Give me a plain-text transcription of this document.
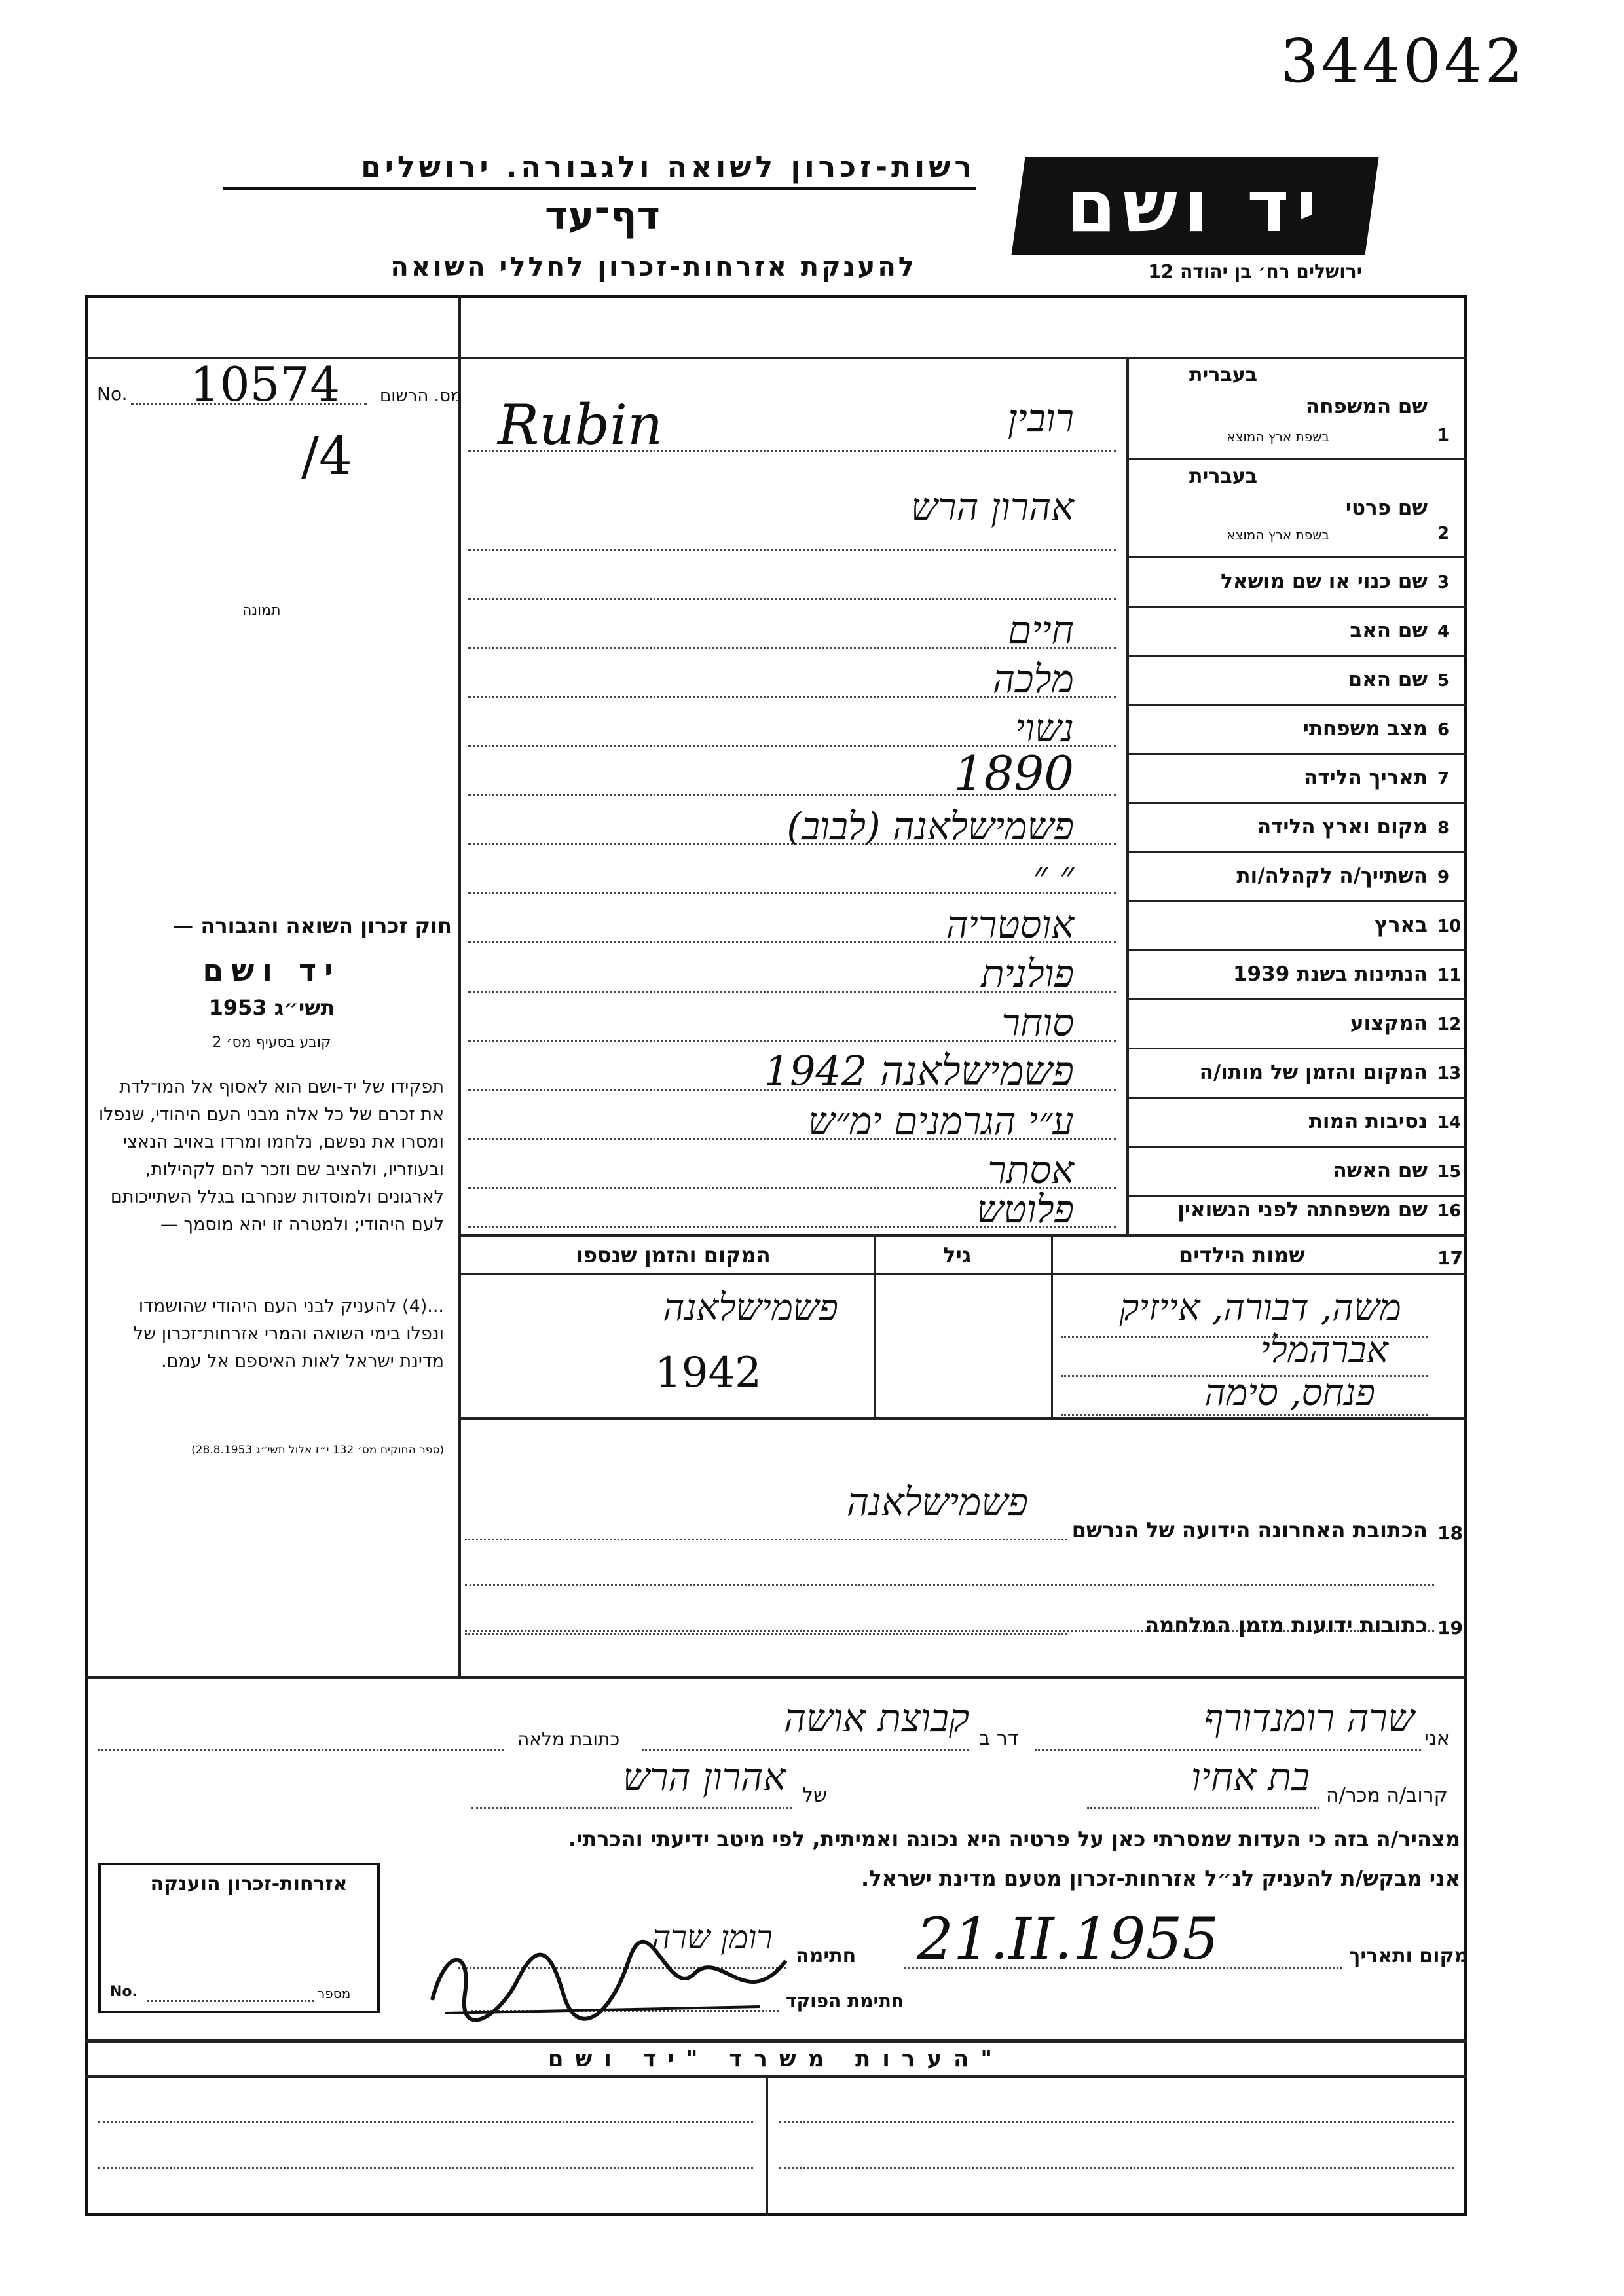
344042
רשות-זכרון לשואה ולגבורה. ירושלים
דף־עד
להענקת אזרחות-זכרון לחללי השואה
יד ושם
ירושלים רח׳ בן יהודה 12
No. 10574 מס. הרשום
/4
תמונה
חוק זכרון השואה והגבורה —
יד ושם
תשי״ג 1953
קובע בסעיף מס׳ 2
תפקידו של יד-ושם הוא לאסוף אל המו־לדת את זכרם של כל אלה מבני העם היהודי, שנפלו ומסרו את נפשם, נלחמו ומרדו באויב הנאצי ובעוזריו, ולהציב שם וזכר להם לקהילות, לארגונים ולמוסדות שנחרבו בגלל השתייכותם לעם היהודי; ולמטרה זו יהא מוסמך —
...(4) להעניק לבני העם היהודי שהושמדו ונפלו בימי השואה והמרי אזרחות־זכרון של מדינת ישראל לאות האיספם אל עמם.
(ספר החוקים מס׳ 132 י״ז אלול תשי״ג 28.8.1953)
1
שם המשפחה
בעברית
בשפת ארץ המוצא
רובין
Rubin
2
שם פרטי
בעברית
בשפת ארץ המוצא
אהרון הרש
3
שם כנוי או שם מושאל
4
שם האב
חיים
5
שם האם
מלכה
6
מצב משפחתי
נשוי
7
תאריך הלידה
1890
8
מקום וארץ הלידה
פשמישלאנה (לבוב)
9
השתייך/ה לקהלה/ות
״ ״
10
בארץ
אוסטריה
11
הנתינות בשנת 1939
פולנית
12
המקצוע
סוחר
13
המקום והזמן של מותו/ה
פשמישלאנה 1942
14
נסיבות המות
ע״י הגרמנים ימ״ש
15
שם האשה
אסתר
16
שם משפחתה לפני הנשואין
פלוטש
17
שמות הילדים
גיל
המקום והזמן שנספו
משה, דבורה, אייזיק
אברהמלי
פנחס, סימה
פשמישלאנה
1942
18
הכתובת האחרונה הידועה של הנרשם
פשמישלאנה
19
כתובות ידועות מזמן המלחמה
אני
שרה רומנדורף
דר ב
קבוצת אושה
כתובת מלאה
קרוב/ה מכר/ה
בת אחיו
של
אהרון הרש
מצהיר/ה בזה כי העדות שמסרתי כאן על פרטיה היא נכונה ואמיתית, לפי מיטב ידיעתי והכרתי.
אני מבקש/ת להעניק לנ״ל אזרחות-זכרון מטעם מדינת ישראל.
מקום ותאריך
21.II.1955
חתימה
רומן שרה
חתימת הפוקד
אזרחות-זכרון הוענקה
No.	מספר
הערות משרד "יד ושם"
